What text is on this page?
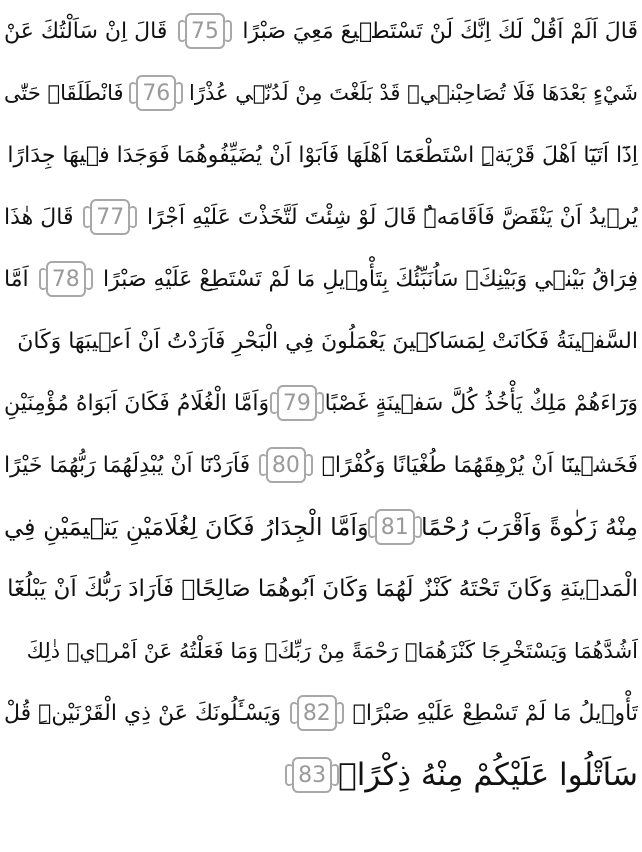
قَالَ اَلَمْ اَقُلْ لَكَ اِنَّكَ لَنْ تَسْتَط۪يعَ مَعِيَ صَبْرًا
75
قَالَ اِنْ سَاَلْتُكَ عَنْ
شَيْءٍ بَعْدَهَا فَلَا تُصَاحِبْن۪يۚ قَدْ بَلَغْتَ مِنْ لَدُنّ۪ي عُذْرًا
76
فَانْطَلَقَا۠ حَتّٰى
اِذَٓا اَتَيَٓا اَهْلَ قَرْيَةِۨ اسْتَطْعَمَٓا اَهْلَهَا فَاَبَوْا اَنْ يُضَيِّفُوهُمَا فَوَجَدَا ف۪يهَا جِدَارًا
يُر۪يدُ اَنْ يَنْقَضَّ فَاَقَامَهُۜ قَالَ لَوْ شِئْتَ لَتَّخَذْتَ عَلَيْهِ اَجْرًا
77
قَالَ هٰذَا
فِرَاقُ بَيْن۪ي وَبَيْنِكَۚ سَاُنَبِّئُكَ بِتَأْو۪يلِ مَا لَمْ تَسْتَطِعْ عَلَيْهِ صَبْرًا
78
اَمَّا
السَّف۪ينَةُ فَكَانَتْ لِمَسَاك۪ينَ يَعْمَلُونَ فِي الْبَحْرِ فَاَرَدْتُ اَنْ اَع۪يبَهَا وَكَانَ
وَرَٓاءَهُمْ مَلِكٌ يَأْخُذُ كُلَّ سَف۪ينَةٍ غَصْبًا
79
وَاَمَّا الْغُلَامُ فَكَانَ اَبَوَاهُ مُؤْمِنَيْنِ
فَخَش۪ينَٓا اَنْ يُرْهِقَهُمَا طُغْيَانًا وَكُفْرًاۚ
80
فَاَرَدْنَٓا اَنْ يُبْدِلَهُمَا رَبُّهُمَا خَيْرًا
مِنْهُ زَكٰوةً وَاَقْرَبَ رُحْمًا
81
وَاَمَّا الْجِدَارُ فَكَانَ لِغُلَامَيْنِ يَت۪يمَيْنِ فِي
الْمَد۪ينَةِ وَكَانَ تَحْتَهُ كَنْزٌ لَهُمَا وَكَانَ اَبُوهُمَا صَالِحًاۚ فَاَرَادَ رَبُّكَ اَنْ يَبْلُغَٓا
اَشُدَّهُمَا وَيَسْتَخْرِجَا كَنْزَهُمَاۗ رَحْمَةً مِنْ رَبِّكَۚ وَمَا فَعَلْتُهُ عَنْ اَمْر۪يۜ ذٰلِكَ
تَأْو۪يلُ مَا لَمْ تَسْطِعْ عَلَيْهِ صَبْرًاۜ
82
وَيَسْـَٔلُونَكَ عَنْ ذِي الْقَرْنَيْنِۜ قُلْ
سَاَتْلُوا عَلَيْكُمْ مِنْهُ ذِكْرًاۜ
83
